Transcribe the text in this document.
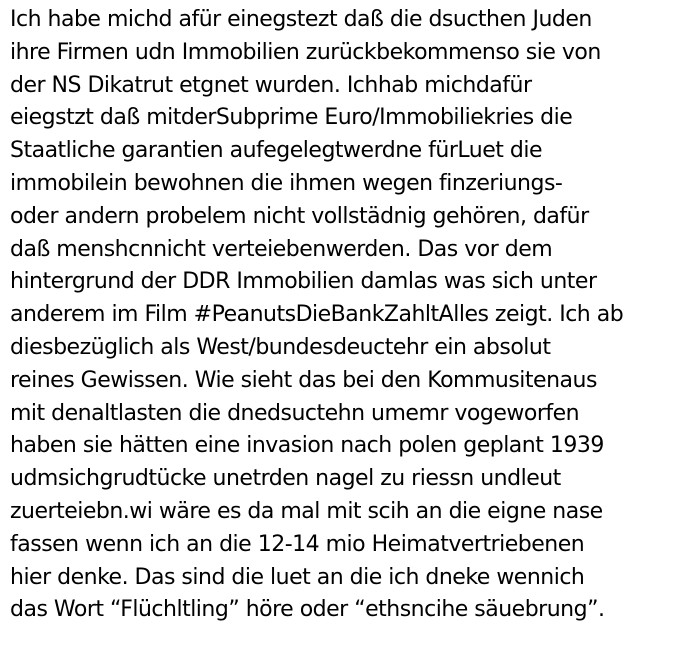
Ich habe michd afür einegstezt daß die dsucthen Juden
ihre Firmen udn Immobilien zurückbekommenso sie von
der NS Dikatrut etgnet wurden. Ichhab michdafür
eiegstzt daß mitderSubprime Euro/Immobiliekries die
Staatliche garantien aufegelegtwerdne fürLuet die
immobilein bewohnen die ihmen wegen finzeriungs-
oder andern probelem nicht vollstädnig gehören, dafür
daß menshcnnicht verteiebenwerden. Das vor dem
hintergrund der DDR Immobilien damlas was sich unter
anderem im Film #PeanutsDieBankZahltAlles zeigt. Ich ab
diesbezüglich als West/bundesdeuctehr ein absolut
reines Gewissen. Wie sieht das bei den Kommusitenaus
mit denaltlasten die dnedsuctehn umemr vogeworfen
haben sie hätten eine invasion nach polen geplant 1939
udmsichgrudtücke unetrden nagel zu riessn undleut
zuerteiebn.wi wäre es da mal mit scih an die eigne nase
fassen wenn ich an die 12-14 mio Heimatvertriebenen
hier denke. Das sind die luet an die ich dneke wennich
das Wort “Flüchltling” höre oder “ethsncihe säuebrung”.
